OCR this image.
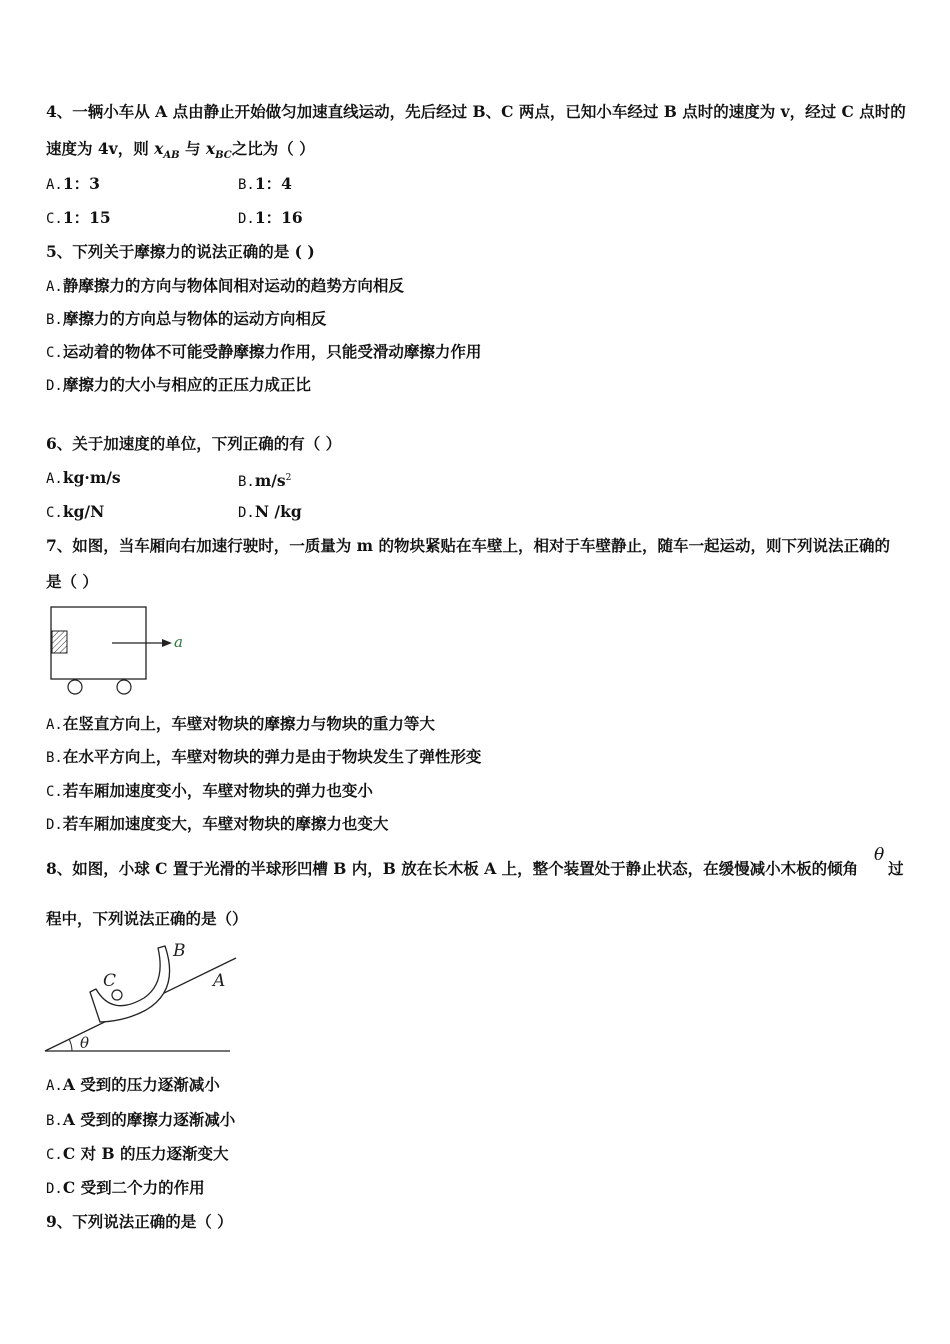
4、一辆小车从 A 点由静止开始做匀加速直线运动，先后经过 B、C 两点，已知小车经过 B 点时的速度为 v，经过 C 点时的
速度为 4v，则 $x_{AB}$ 与 $x_{BC}$之比为（ ）
A.1：3	B.1：4
C.1：15	D.1：16
5、下列关于摩擦力的说法正确的是 ( )
A.静摩擦力的方向与物体间相对运动的趋势方向相反
B.摩擦力的方向总与物体的运动方向相反
C.运动着的物体不可能受静摩擦力作用，只能受滑动摩擦力作用
D.摩擦力的大小与相应的正压力成正比
6、关于加速度的单位，下列正确的有（ ）
A.kg·m/s	$B.m/s^2$
C.kg/N	D.N /kg
7、如图，当车厢向右加速行驶时，一质量为 m 的物块紧贴在车壁上，相对于车壁静止，随车一起运动，则下列说法正确的
是（ ）
a
A.在竖直方向上，车壁对物块的摩擦力与物块的重力等大
B.在水平方向上，车壁对物块的弹力是由于物块发生了弹性形变
C.若车厢加速度变小，车壁对物块的弹力也变小
D.若车厢加速度变大，车壁对物块的摩擦力也变大
8、如图，小球 C 置于光滑的半球形凹槽 B 内，B 放在长木板 A 上，整个装置处于静止状态，在缓慢减小木板的倾角
θ
过
程中，下列说法正确的是（）
θ
B
C	A
A.A 受到的压力逐渐减小
B.A 受到的摩擦力逐渐减小
C.C 对 B 的压力逐渐变大
D.C 受到二个力的作用
9、下列说法正确的是（ ）
